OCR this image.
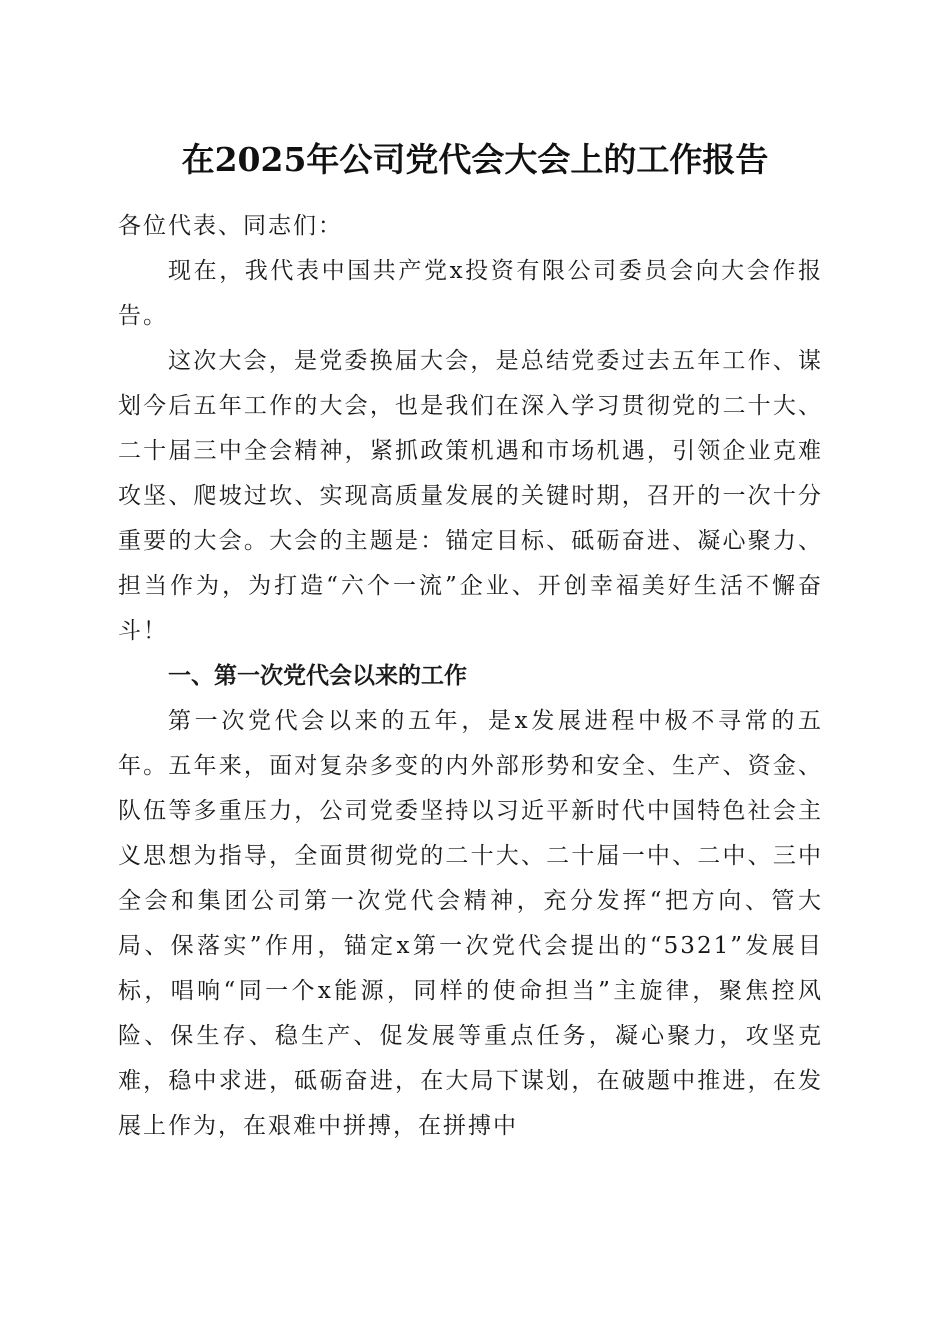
在2025年公司党代会大会上的工作报告

各位代表、同志们：

现在，我代表中国共产党x投资有限公司委员会向大会作报告。

这次大会，是党委换届大会，是总结党委过去五年工作、谋划今后五年工作的大会，也是我们在深入学习贯彻党的二十大、二十届三中全会精神，紧抓政策机遇和市场机遇，引领企业克难攻坚、爬坡过坎、实现高质量发展的关键时期，召开的一次十分重要的大会。大会的主题是：锚定目标、砥砺奋进、凝心聚力、担当作为，为打造“六个一流”企业、开创幸福美好生活不懈奋斗！

一、第一次党代会以来的工作

第一次党代会以来的五年，是x发展进程中极不寻常的五年。五年来，面对复杂多变的内外部形势和安全、生产、资金、队伍等多重压力，公司党委坚持以习近平新时代中国特色社会主义思想为指导，全面贯彻党的二十大、二十届一中、二中、三中全会和集团公司第一次党代会精神，充分发挥“把方向、管大局、保落实”作用，锚定x第一次党代会提出的“5321”发展目标，唱响“同一个x能源，同样的使命担当”主旋律，聚焦控风险、保生存、稳生产、促发展等重点任务，凝心聚力，攻坚克难，稳中求进，砥砺奋进，在大局下谋划，在破题中推进，在发展上作为，在艰难中拼搏，在拼搏中
